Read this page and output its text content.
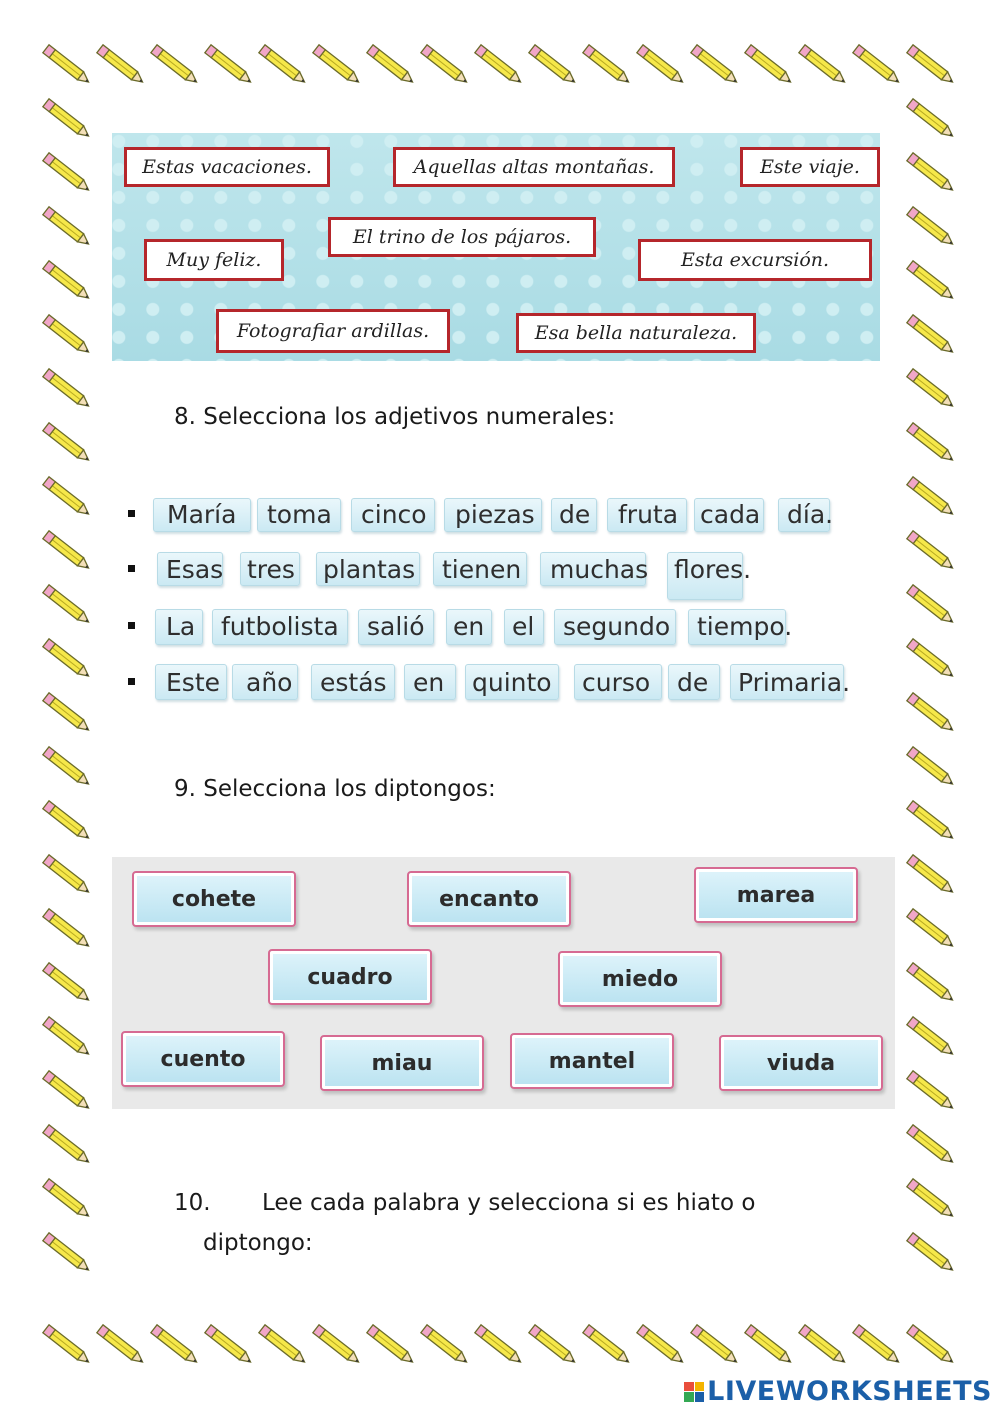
Estas vacaciones.	Aquellas altas montañas.	Este viaje.
Muy feliz.
El trino de los pájaros.
Esta excursión.
Fotografiar ardillas.	Esa bella naturaleza.
8. Selecciona los adjetivos numerales:
María toma cinco piezas de fruta cada día.
Esas tres plantas tienen muchas flores.
La futbolista salió en el segundo tiempo.
Este año estás en quinto curso de Primaria.
9. Selecciona los diptongos:
cohete	encanto	marea
cuadro	miedo
cuento	miau	mantel	viuda
10. Lee cada palabra y selecciona si es hiato o
diptongo:
LIVEWORKSHEETS
